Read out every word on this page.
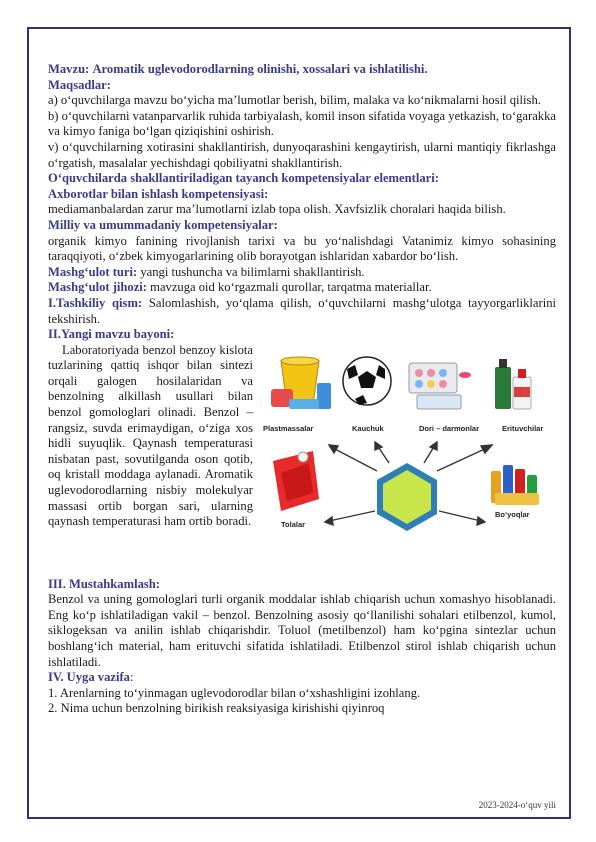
Mavzu: Aromatik uglevodorodlarning olinishi, xossalari va ishlatilishi.

Maqsadlar:

a) o‘quvchilarga mavzu bo‘yicha ma’lumotlar berish, bilim, malaka va ko‘nikmalarni hosil qilish.

b) o‘quvchilarni vatanparvarlik ruhida tarbiyalash, komil inson sifatida voyaga yetkazish, to‘garakka va kimyo faniga bo‘lgan qiziqishini oshirish.

v) o‘quvchilarning xotirasini shakllantirish, dunyoqarashini kengaytirish, ularni mantiqiy fikrlashga o‘rgatish, masalalar yechishdagi qobiliyatni shakllantirish.

O‘quvchilarda shakllantiriladigan tayanch kompetensiyalar elementlari:

Axborotlar bilan ishlash kompetensiyasi:

mediamanbalardan zarur ma’lumotlarni izlab topa olish. Xavfsizlik choralari haqida bilish.

Milliy va umummadaniy kompetensiyalar:

organik kimyo fanining rivojlanish tarixi va bu yo‘nalishdagi Vatanimiz kimyo sohasining taraqqiyoti, o‘zbek kimyogarlarining olib borayotgan ishlaridan xabardor bo‘lish.

Mashg‘ulot turi: yangi tushuncha va bilimlarni shakllantirish.

Mashg‘ulot jihozi: mavzuga oid ko‘rgazmali qurollar, tarqatma materiallar.

I.Tashkiliy qism: Salomlashish, yo‘qlama qilish, o‘quvchilarni mashg‘ulotga tayyorgarliklarini tekshirish.

II.Yangi mavzu bayoni:

Laboratoriyada benzol benzoy kislota tuzlarining qattiq ishqor bilan sintezi orqali galogen hosilalaridan va benzolning alkillash usullari bilan benzol gomologlari olinadi. Benzol – rangsiz, suvda erimaydigan, o‘ziga xos hidli suyuqlik. Qaynash temperaturasi nisbatan past, sovutilganda oson qotib, oq kristall moddaga aylanadi. Aromatik uglevodorodlarning nisbiy molekulyar massasi ortib borgan sari, ularning qaynash temperaturasi ham ortib boradi.

Plastmassalar	Kauchuk	Dori – darmonlar	Erituvchilar
Tolalar
Bo‘yoqlar

III. Mustahkamlash:

Benzol va uning gomologlari turli organik moddalar ishlab chiqarish uchun xomashyo hisoblanadi. Eng ko‘p ishlatiladigan vakil – benzol. Benzolning asosiy qo‘llanilishi sohalari etilbenzol, kumol, siklogeksan va anilin ishlab chiqarishdir. Toluol (metilbenzol) ham ko‘pgina sintezlar uchun boshlang‘ich material, ham erituvchi sifatida ishlatiladi. Etilbenzol stirol ishlab chiqarish uchun ishlatiladi.

IV. Uyga vazifa:

1. Arenlarning to‘yinmagan uglevodorodlar bilan o‘xshashligini izohlang.

2. Nima uchun benzolning birikish reaksiyasiga kirishishi qiyinroq

2023-2024-o‘quv yili
